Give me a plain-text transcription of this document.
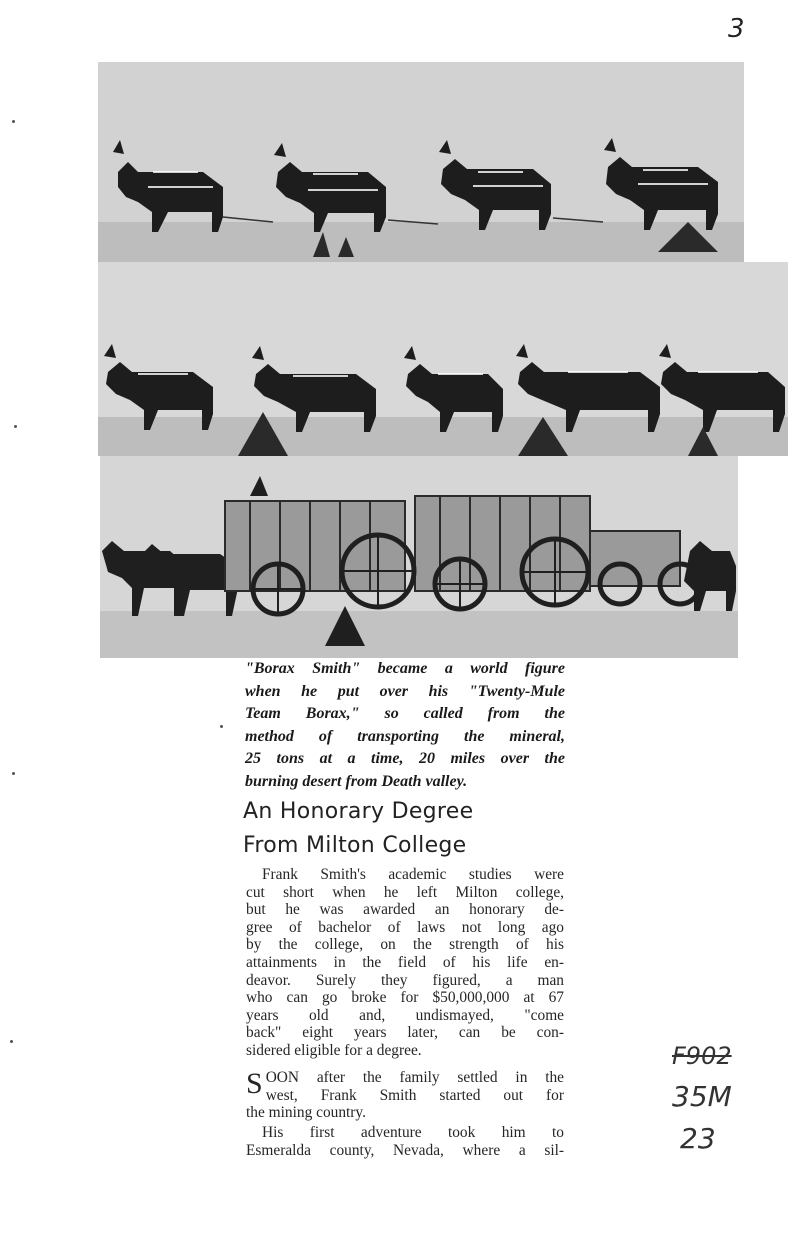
3
"Borax Smith" became a world figure
when he put over his "Twenty-Mule
Team Borax," so called from the
method of transporting the mineral,
25 tons at a time, 20 miles over the
burning desert from Death valley.
An Honorary Degree
From Milton College

Frank Smith's academic studies were
cut short when he left Milton college,
but he was awarded an honorary de-
gree of bachelor of laws not long ago
by the college, on the strength of his
attainments in the field of his life en-
deavor. Surely they figured, a man
who can go broke for $50,000,000 at 67
years old and, undismayed, "come
back" eight years later, can be con-
sidered eligible for a degree.

S OON after the family settled in the
west, Frank Smith started out for
the mining country.

His first adventure took him to
Esmeralda county, Nevada, where a sil-

F902
35M
23
